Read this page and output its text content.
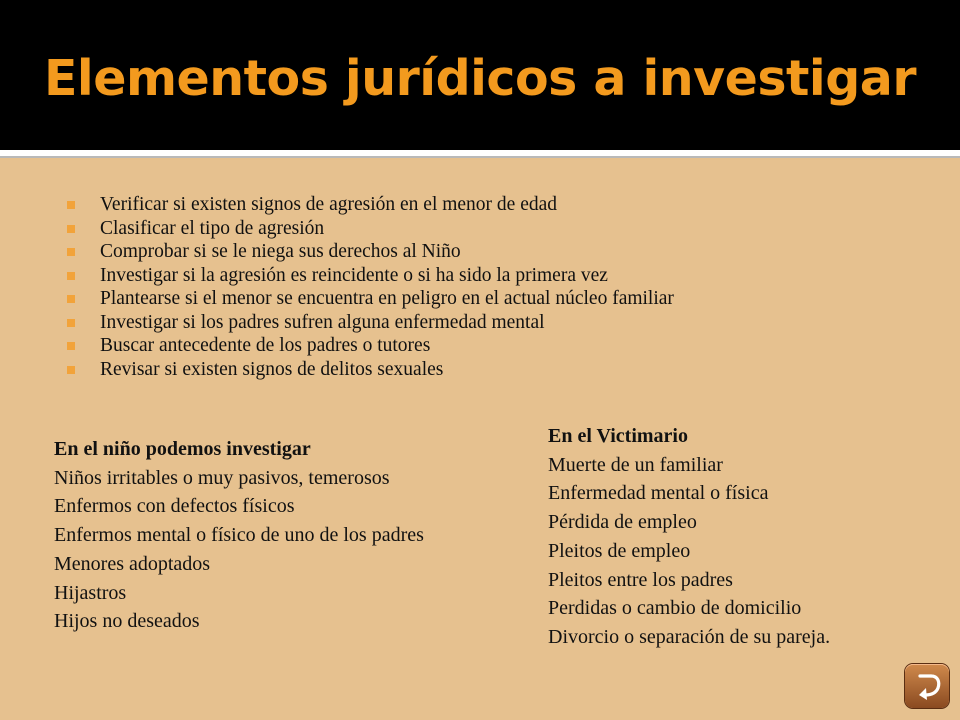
Elementos jurídicos a investigar
Verificar si existen signos de agresión en el menor de edad
Clasificar el tipo de agresión
Comprobar si se le niega sus derechos al Niño
Investigar si la agresión es reincidente o si ha sido la primera vez
Plantearse si el menor se encuentra en peligro en el actual núcleo familiar
Investigar si los padres sufren alguna enfermedad mental
Buscar antecedente de los padres o tutores
Revisar si existen signos de delitos sexuales
En el niño podemos investigar
Niños irritables o muy pasivos, temerosos
Enfermos con defectos físicos
Enfermos mental o físico de uno de los padres
Menores adoptados
Hijastros
Hijos no deseados
En el Victimario
Muerte de un familiar
Enfermedad mental o física
Pérdida de empleo
Pleitos de empleo
Pleitos entre los padres
Perdidas o cambio de domicilio
Divorcio o separación de su pareja.
